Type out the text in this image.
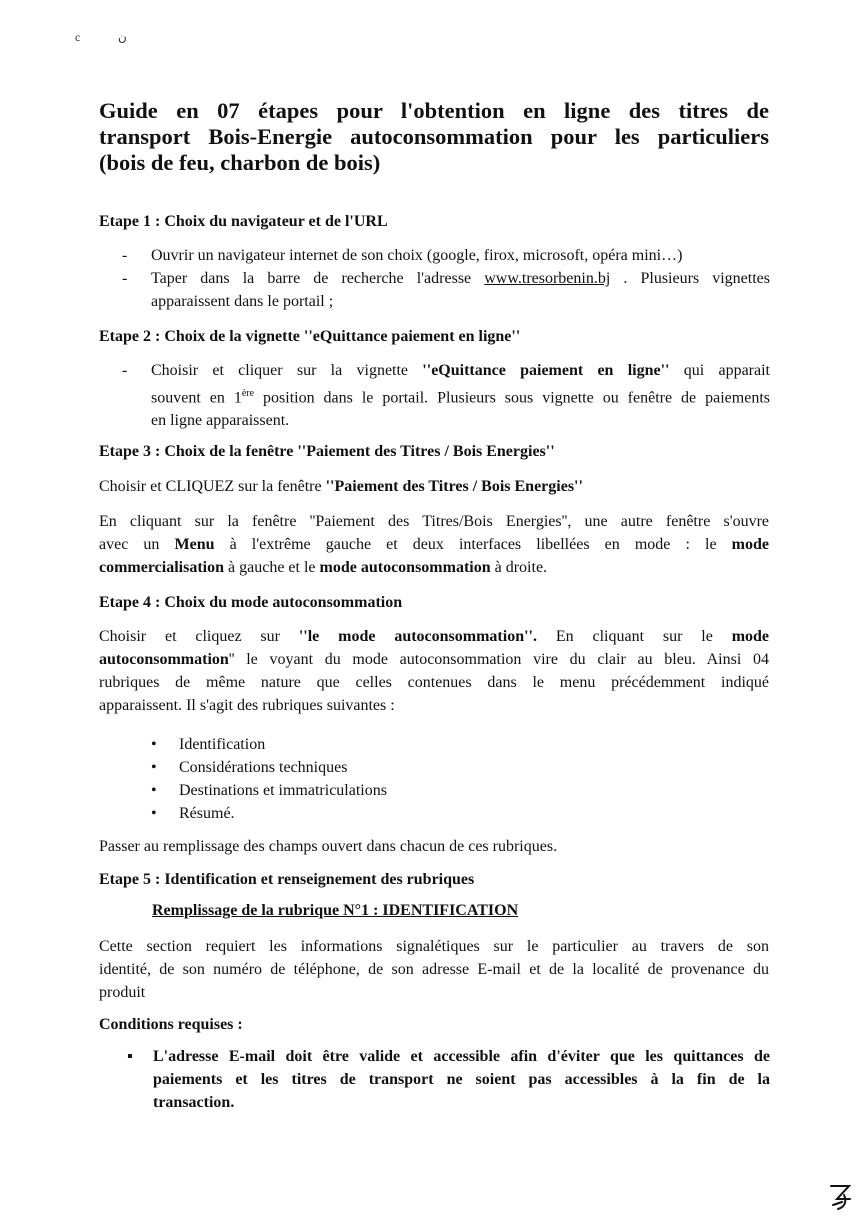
c	ن
Guide en 07 étapes pour l'obtention en ligne des titres de
transport Bois-Energie autoconsommation pour les particuliers
(bois de feu, charbon de bois)

Etape 1 : Choix du navigateur et de l'URL

- Ouvrir un navigateur internet de son choix (google, firox, microsoft, opéra mini…)
- Taper dans la barre de recherche l'adresse www.tresorbenin.bj . Plusieurs vignettes
apparaissent dans le portail ;

Etape 2 : Choix de la vignette ''eQuittance paiement en ligne''

- Choisir et cliquer sur la vignette ''eQuittance paiement en ligne'' qui apparait
souvent en 1ère position dans le portail. Plusieurs sous vignette ou fenêtre de paiements
en ligne apparaissent.

Etape 3 : Choix de la fenêtre ''Paiement des Titres / Bois Energies''

Choisir et CLIQUEZ sur la fenêtre ''Paiement des Titres / Bois Energies''

En cliquant sur la fenêtre ''Paiement des Titres/Bois Energies'', une autre fenêtre s'ouvre
avec un Menu à l'extrême gauche et deux interfaces libellées en mode : le mode
commercialisation à gauche et le mode autoconsommation à droite.

Etape 4 : Choix du mode autoconsommation

Choisir et cliquez sur ''le mode autoconsommation''. En cliquant sur le mode
autoconsommation'' le voyant du mode autoconsommation vire du clair au bleu. Ainsi 04
rubriques de même nature que celles contenues dans le menu précédemment indiqué
apparaissent. Il s'agit des rubriques suivantes :

• Identification

• Considérations techniques

• Destinations et immatriculations

• Résumé.

Passer au remplissage des champs ouvert dans chacun de ces rubriques.

Etape 5 : Identification et renseignement des rubriques

Remplissage de la rubrique N°1 : IDENTIFICATION

Cette section requiert les informations signalétiques sur le particulier au travers de son
identité, de son numéro de téléphone, de son adresse E-mail et de la localité de provenance du
produit

Conditions requises :

▪ L'adresse E-mail doit être valide et accessible afin d'éviter que les quittances de
paiements et les titres de transport ne soient pas accessibles à la fin de la
transaction.
